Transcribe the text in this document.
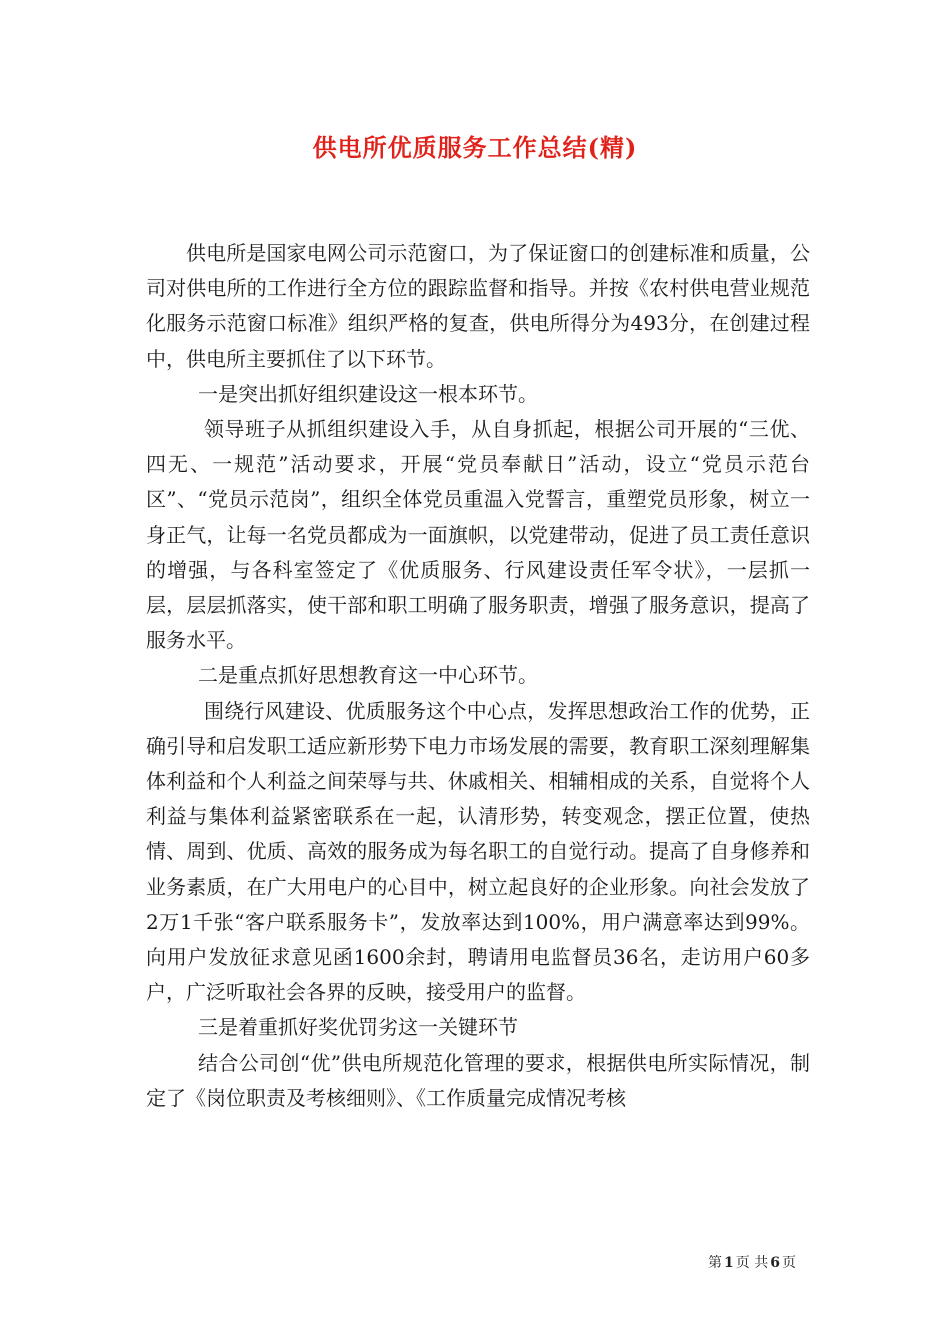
供电所优质服务工作总结(精)

供电所是国家电网公司示范窗口，为了保证窗口的创建标准和质量，公司对供电所的工作进行全方位的跟踪监督和指导。并按《农村供电营业规范化服务示范窗口标准》组织严格的复查，供电所得分为493分，在创建过程中，供电所主要抓住了以下环节。

一是突出抓好组织建设这一根本环节。

领导班子从抓组织建设入手，从自身抓起，根据公司开展的“三优、四无、一规范”活动要求，开展“党员奉献日”活动，设立“党员示范台区”、“党员示范岗”，组织全体党员重温入党誓言，重塑党员形象，树立一身正气，让每一名党员都成为一面旗帜，以党建带动，促进了员工责任意识的增强，与各科室签定了《优质服务、行风建设责任军令状》，一层抓一层，层层抓落实，使干部和职工明确了服务职责，增强了服务意识，提高了服务水平。

二是重点抓好思想教育这一中心环节。

围绕行风建设、优质服务这个中心点，发挥思想政治工作的优势，正确引导和启发职工适应新形势下电力市场发展的需要，教育职工深刻理解集体利益和个人利益之间荣辱与共、休戚相关、相辅相成的关系，自觉将个人利益与集体利益紧密联系在一起，认清形势，转变观念，摆正位置，使热情、周到、优质、高效的服务成为每名职工的自觉行动。提高了自身修养和业务素质，在广大用电户的心目中，树立起良好的企业形象。向社会发放了2万1千张“客户联系服务卡”，发放率达到100%，用户满意率达到99%。向用户发放征求意见函1600余封，聘请用电监督员36名，走访用户60多户，广泛听取社会各界的反映，接受用户的监督。

三是着重抓好奖优罚劣这一关键环节

结合公司创“优”供电所规范化管理的要求，根据供电所实际情况，制定了《岗位职责及考核细则》、《工作质量完成情况考核

第 1 页 共 6 页
